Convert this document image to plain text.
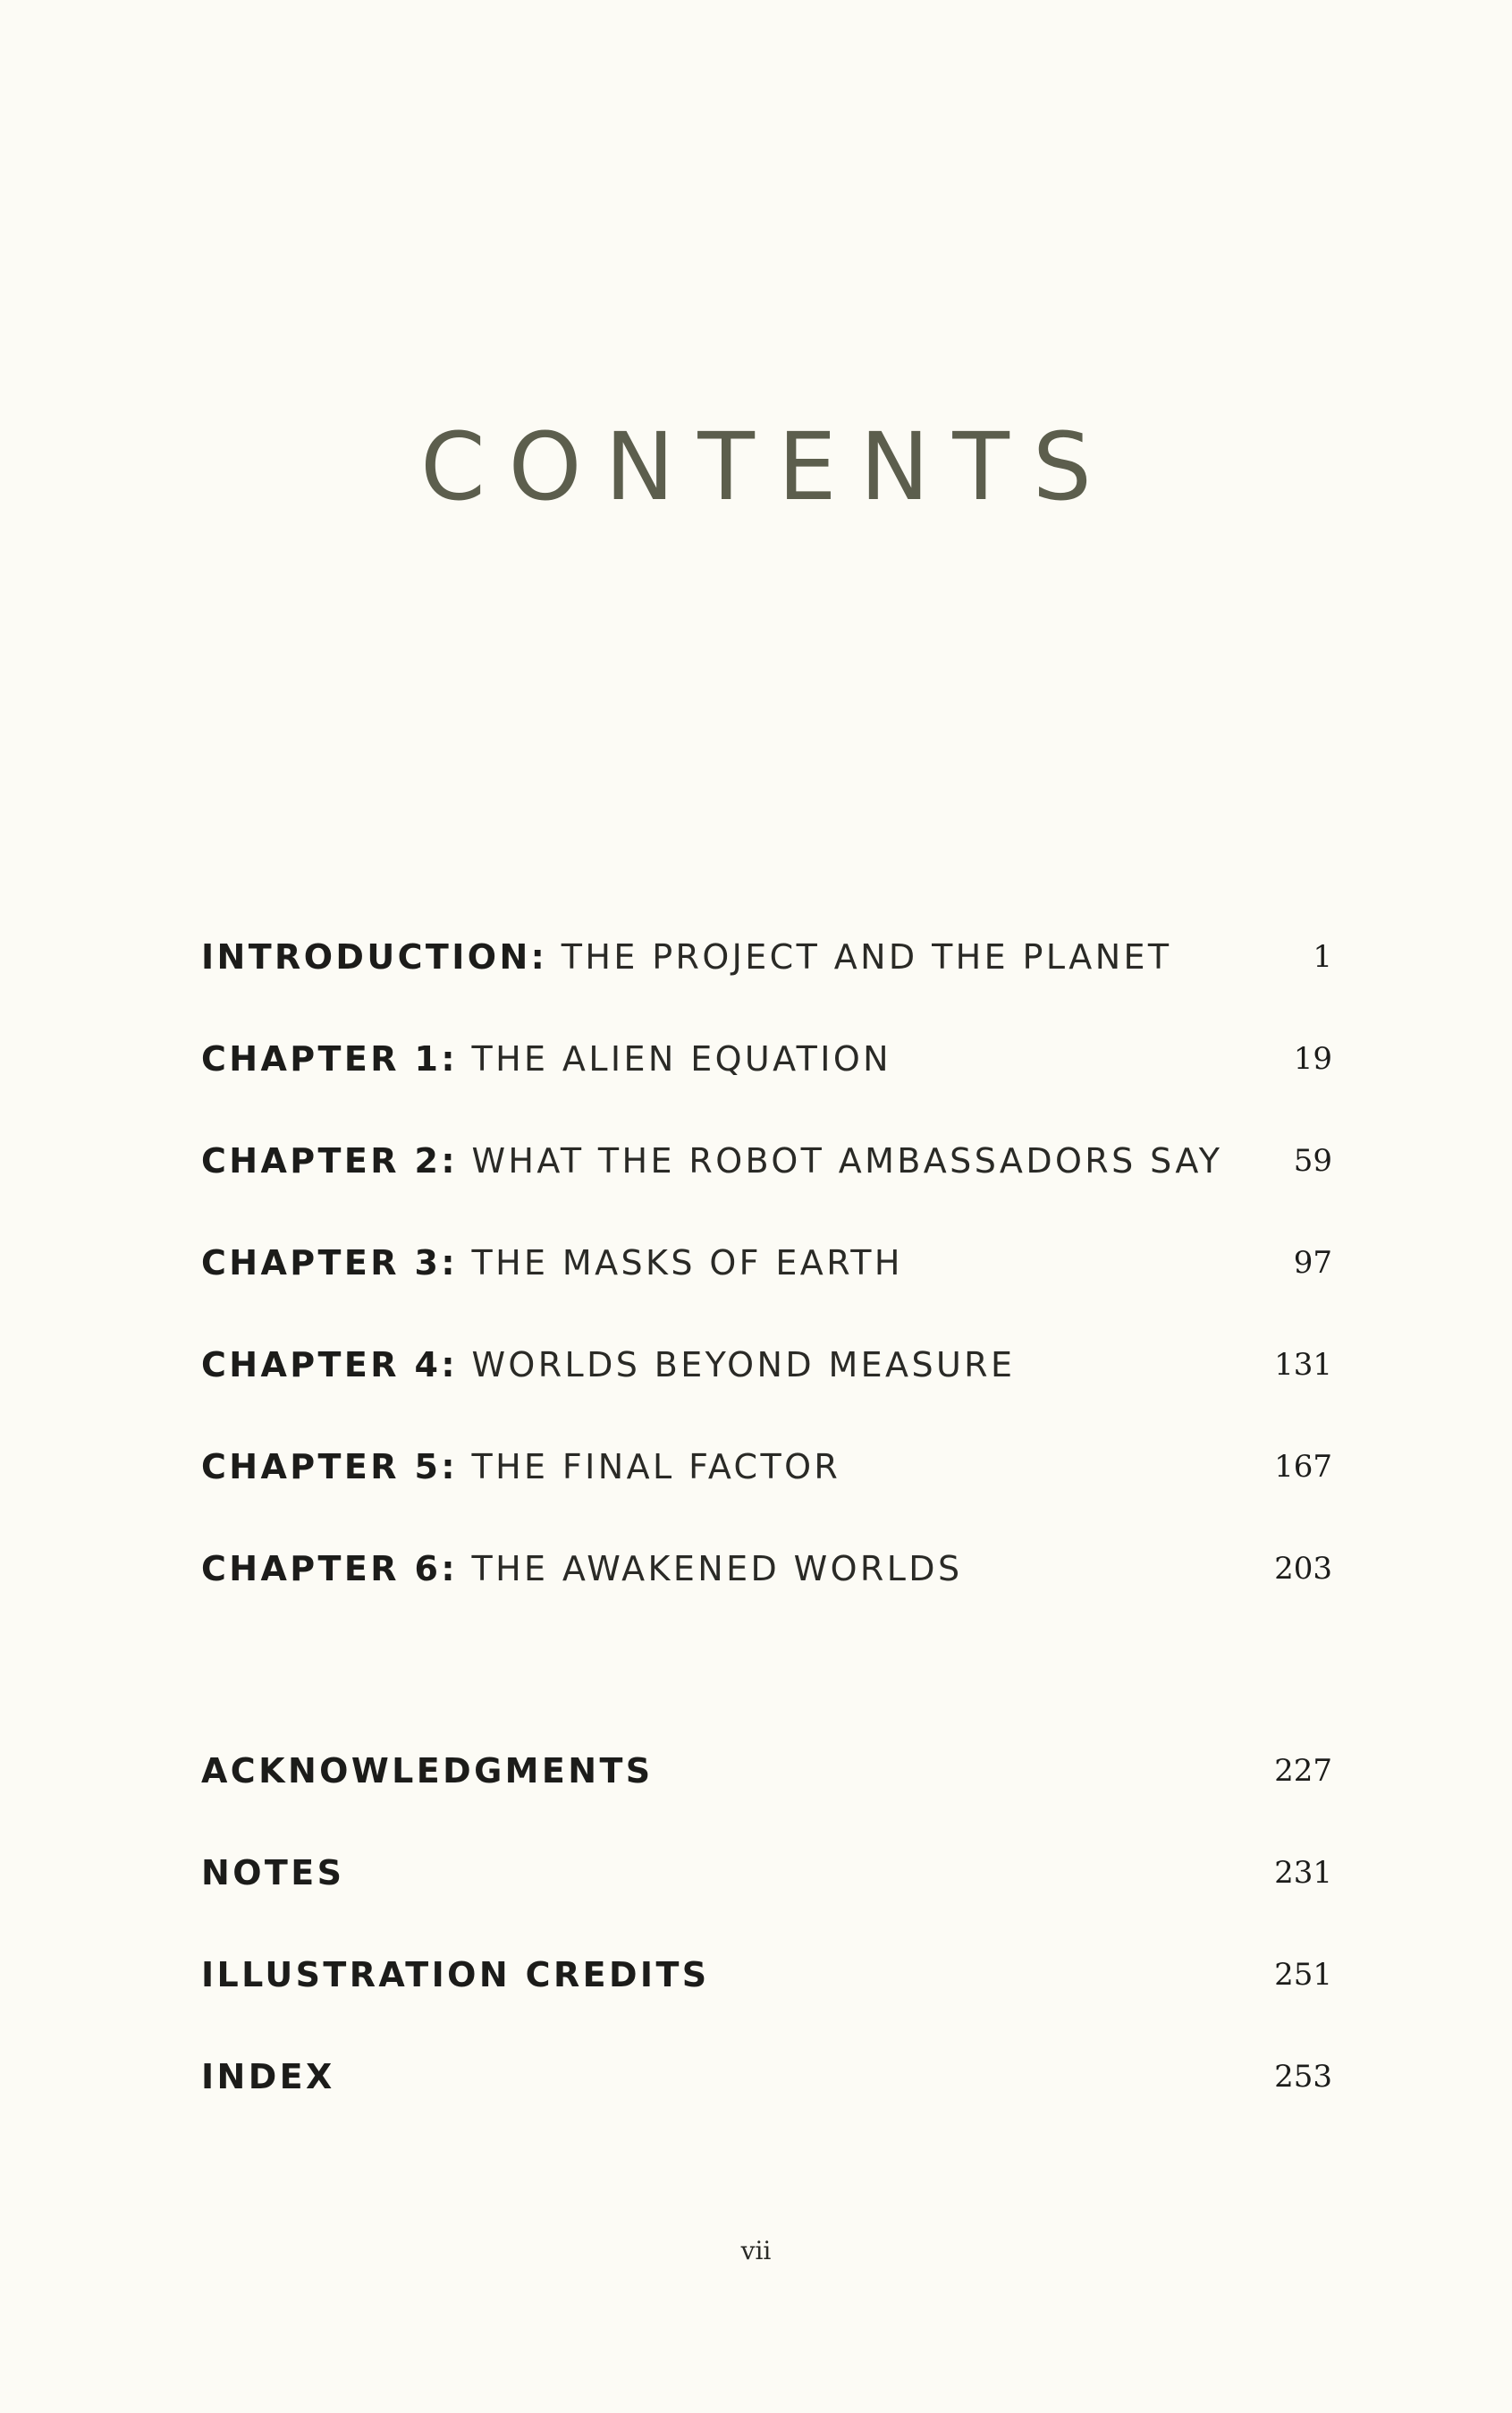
CONTENTS
INTRODUCTION: THE PROJECT AND THE PLANET	1
CHAPTER 1: THE ALIEN EQUATION	19
CHAPTER 2: WHAT THE ROBOT AMBASSADORS SAY 59
CHAPTER 3: THE MASKS OF EARTH	97
CHAPTER 4: WORLDS BEYOND MEASURE	131
CHAPTER 5: THE FINAL FACTOR	167
CHAPTER 6: THE AWAKENED WORLDS	203
ACKNOWLEDGMENTS	227
NOTES	231
ILLUSTRATION CREDITS	251
INDEX	253
vii
